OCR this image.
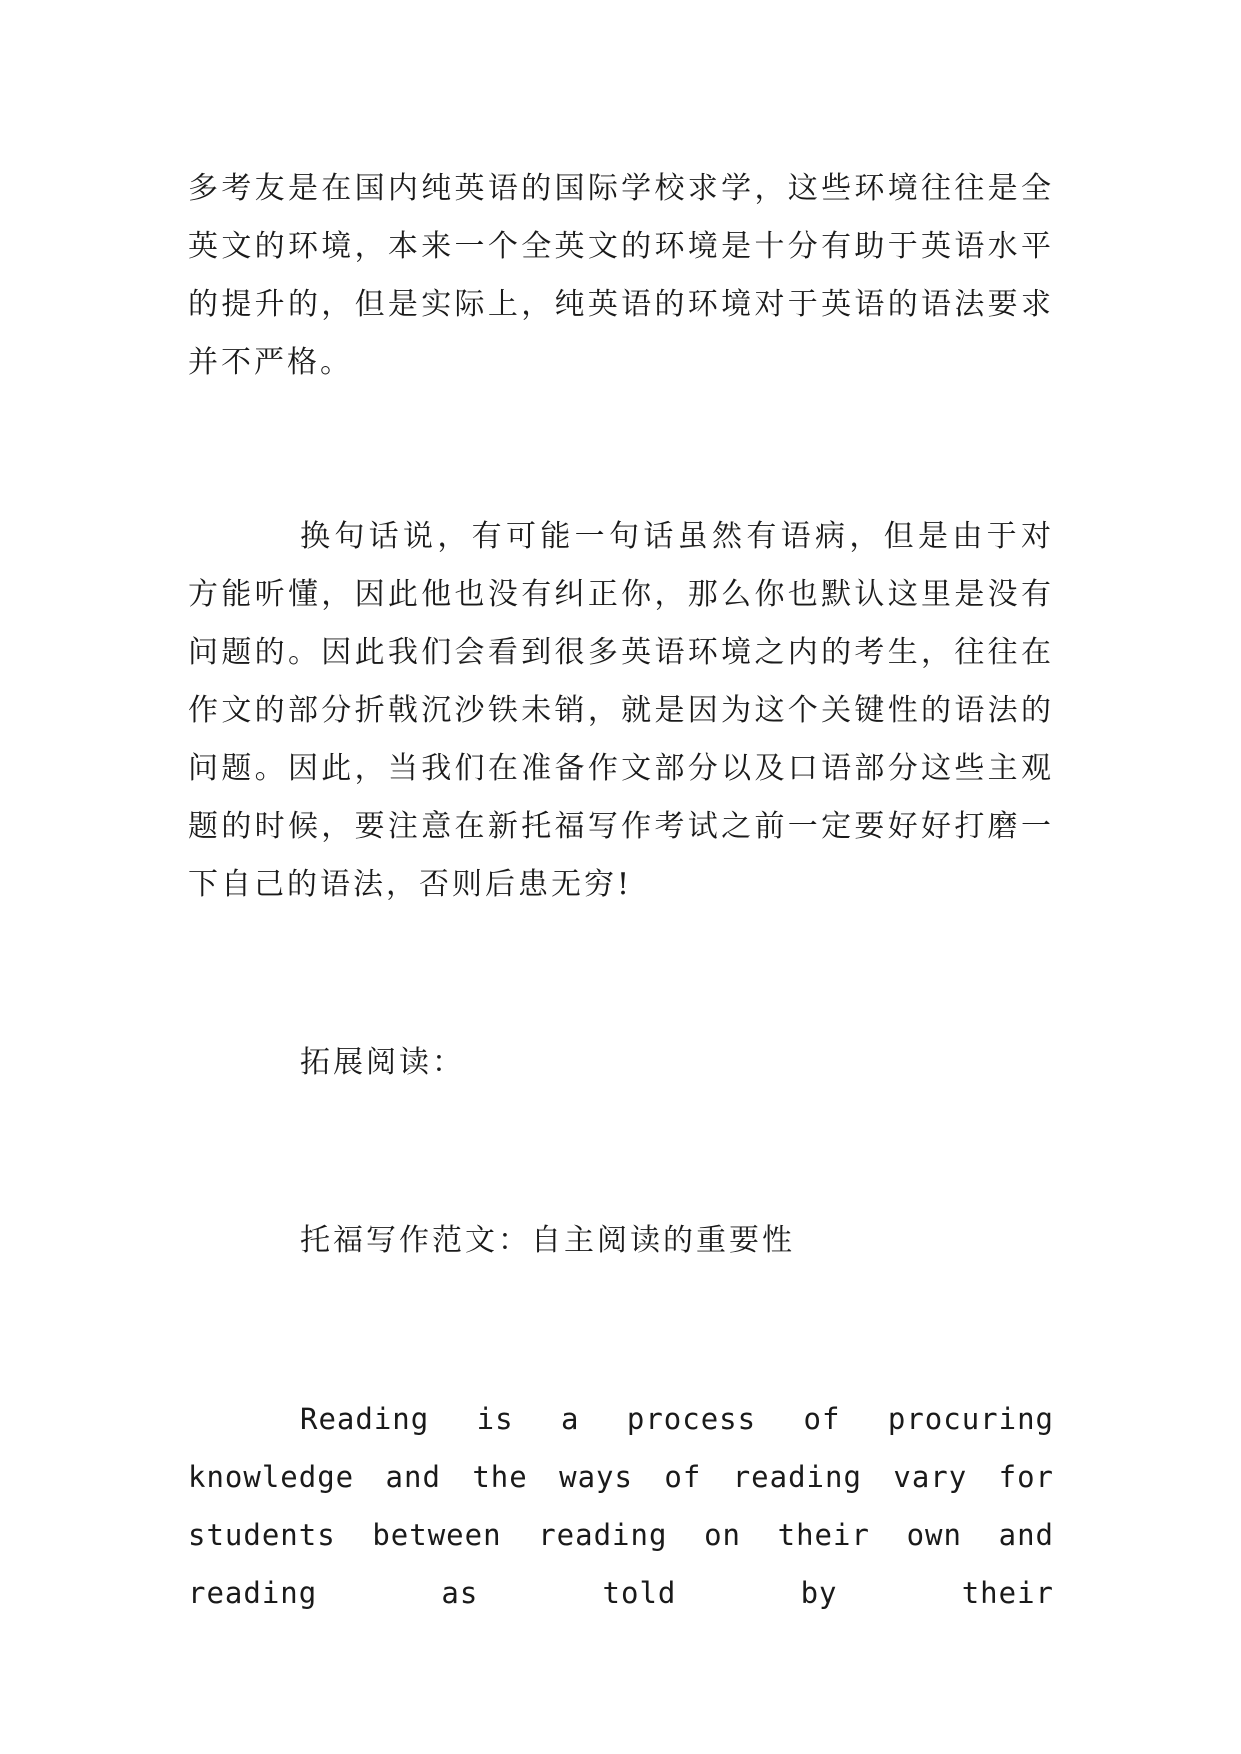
多考友是在国内纯英语的国际学校求学，这些环境往往是全英文的环境，本来一个全英文的环境是十分有助于英语水平的提升的，但是实际上，纯英语的环境对于英语的语法要求并不严格。

换句话说，有可能一句话虽然有语病，但是由于对方能听懂，因此他也没有纠正你，那么你也默认这里是没有问题的。因此我们会看到很多英语环境之内的考生，往往在作文的部分折戟沉沙铁未销，就是因为这个关键性的语法的问题。因此，当我们在准备作文部分以及口语部分这些主观题的时候，要注意在新托福写作考试之前一定要好好打磨一下自己的语法，否则后患无穷!

拓展阅读：

托福写作范文：自主阅读的重要性

Reading is a process of procuring knowledge and the ways of reading vary for students between reading on their own and reading as told by their
